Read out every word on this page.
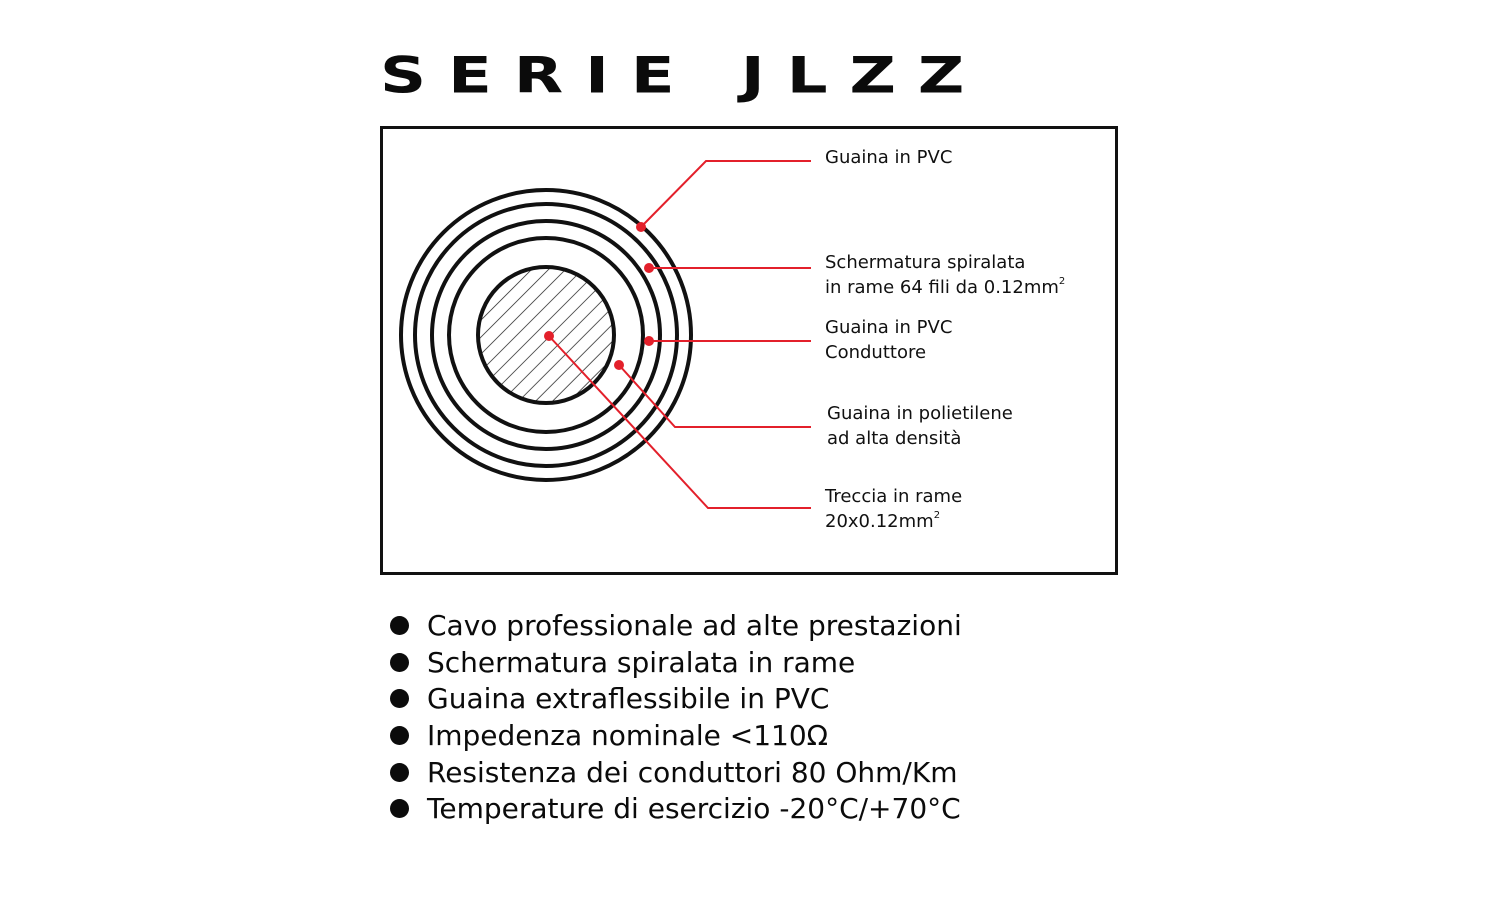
SERIE JLZZ
Guaina in PVC
Schermatura spiralata
in rame 64 fili da $0.12mm^2$
Guaina in PVC
Conduttore
Guaina in polietilene
ad alta densità
Treccia in rame
$20x0.12mm^2$
Cavo professionale ad alte prestazioni
Schermatura spiralata in rame
Guaina extraflessibile in PVC
Impedenza nominale <110Ω
Resistenza dei conduttori 80 Ohm/Km
Temperature di esercizio -20°C/+70°C
